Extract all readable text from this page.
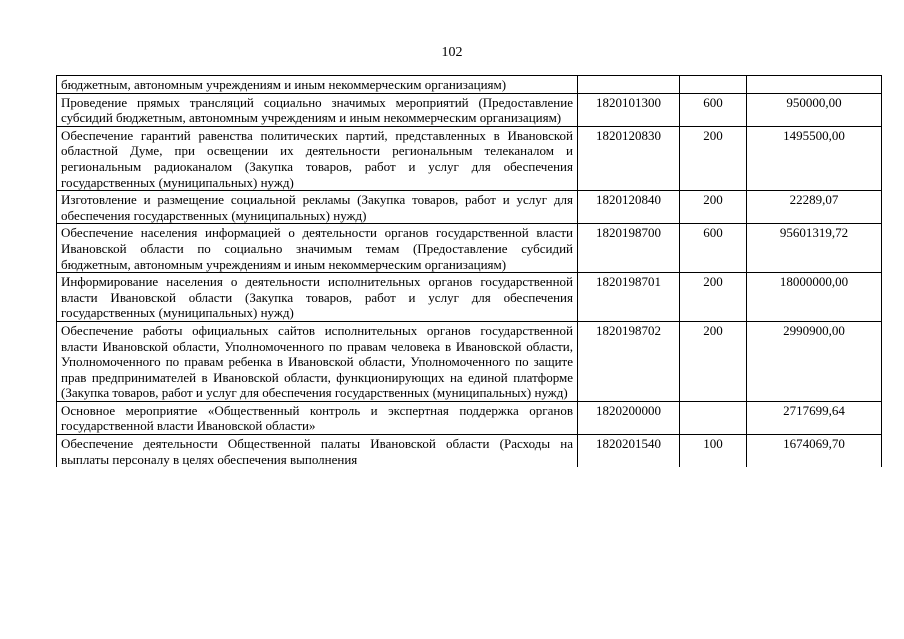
102
бюджетным, автономным учреждениям и иным некоммерческим организациям)			
Проведение прямых трансляций социально значимых мероприятий (Предоставление субсидий бюджетным, автономным учреждениям и иным некоммерческим организациям)	1820101300	600	950000,00
Обеспечение гарантий равенства политических партий, представленных в Ивановской областной Думе, при освещении их деятельности региональным телеканалом и региональным радиоканалом (Закупка товаров, работ и услуг для обеспечения государственных (муниципальных) нужд)	1820120830	200	1495500,00
Изготовление и размещение социальной рекламы (Закупка товаров, работ и услуг для обеспечения государственных (муниципальных) нужд)	1820120840	200	22289,07
Обеспечение населения информацией о деятельности органов государственной власти Ивановской области по социально значимым темам (Предоставление субсидий бюджетным, автономным учреждениям и иным некоммерческим организациям)	1820198700	600	95601319,72
Информирование населения о деятельности исполнительных органов государственной власти Ивановской области (Закупка товаров, работ и услуг для обеспечения государственных (муниципальных) нужд)	1820198701	200	18000000,00
Обеспечение работы официальных сайтов исполнительных органов государственной власти Ивановской области, Уполномоченного по правам человека в Ивановской области, Уполномоченного по правам ребенка в Ивановской области, Уполномоченного по защите прав предпринимателей в Ивановской области, функционирующих на единой платформе (Закупка товаров, работ и услуг для обеспечения государственных (муниципальных) нужд)	1820198702	200	2990900,00
Основное мероприятие «Общественный контроль и экспертная поддержка органов государственной власти Ивановской области»	1820200000		2717699,64
Обеспечение деятельности Общественной палаты Ивановской области (Расходы на выплаты персоналу в целях обеспечения выполнения	1820201540	100	1674069,70
